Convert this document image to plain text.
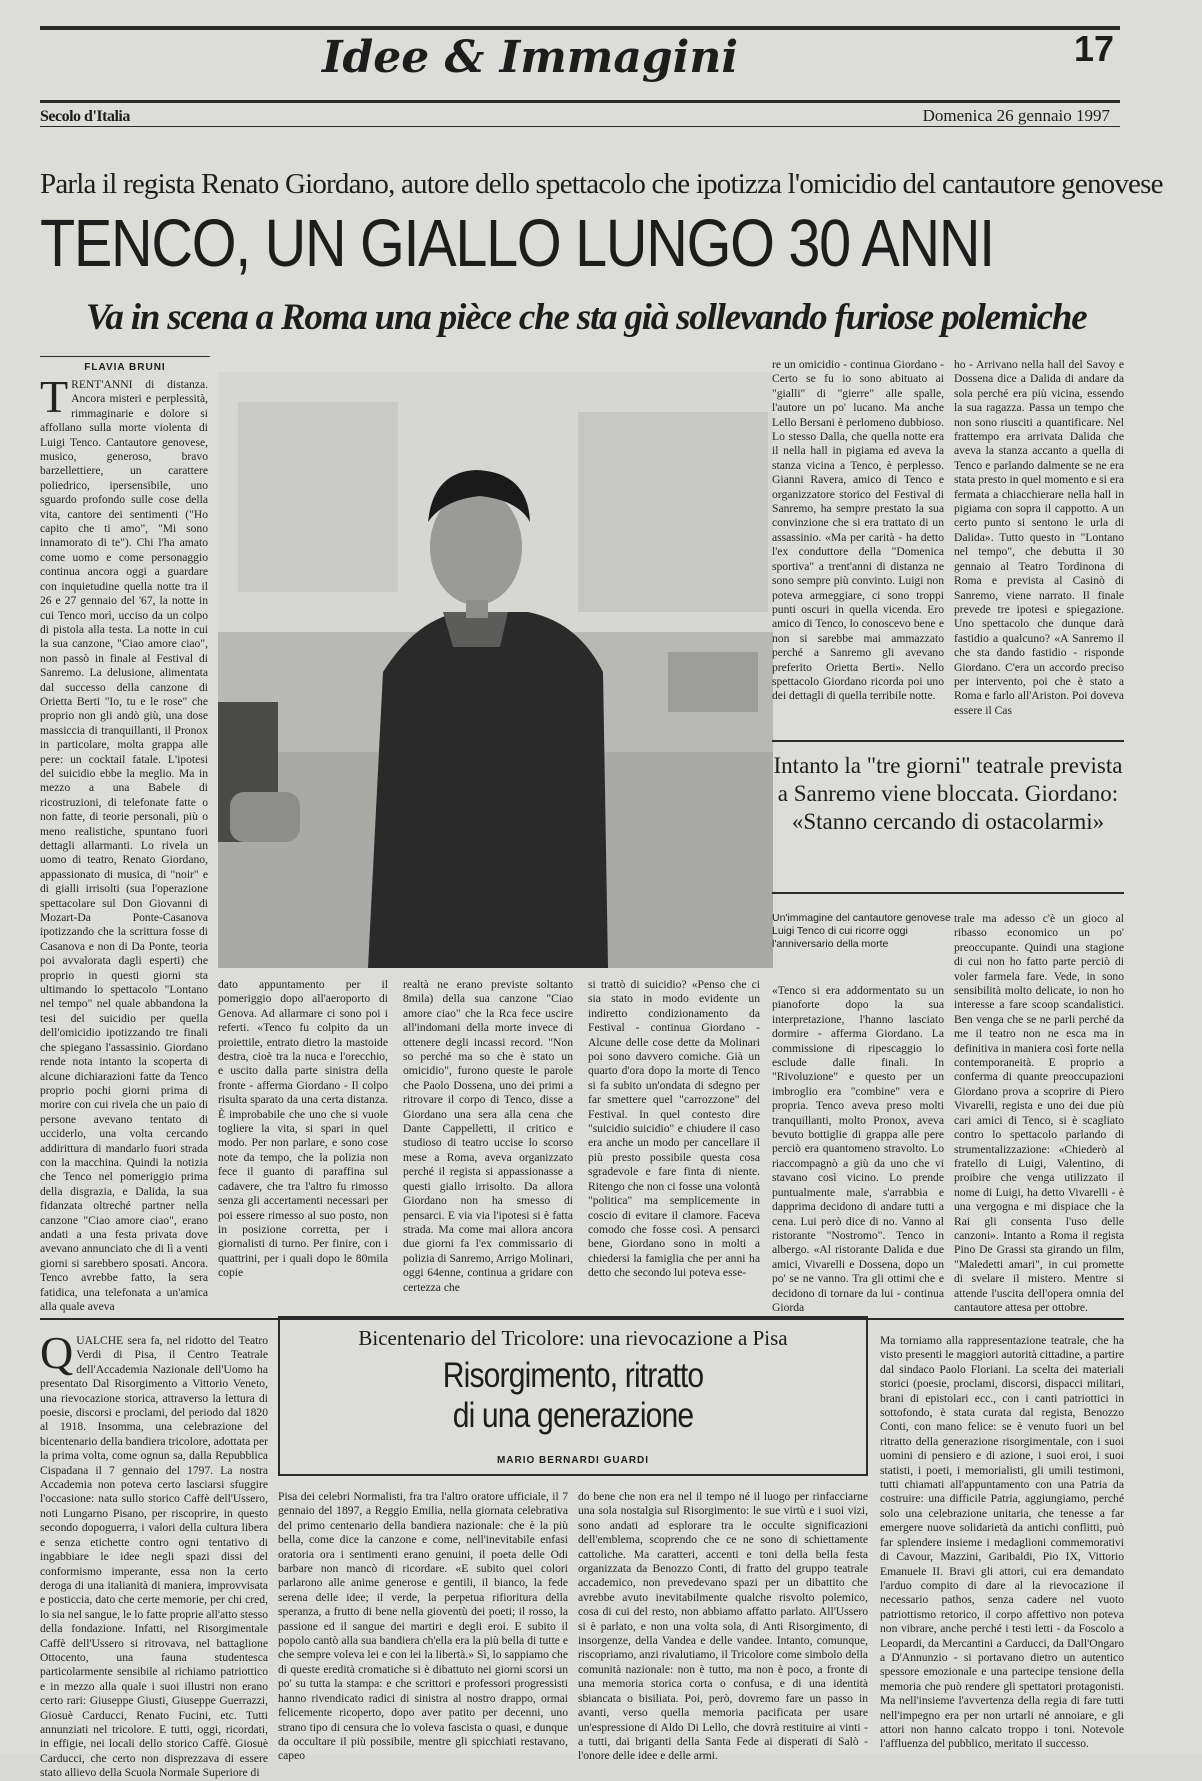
Idee & Immagini	17
Secolo d'Italia	Domenica 26 gennaio 1997
Parla il regista Renato Giordano, autore dello spettacolo che ipotizza l'omicidio del cantautore genovese
TENCO, UN GIALLO LUNGO 30 ANNI
Va in scena a Roma una pièce che sta già sollevando furiose polemiche
FLAVIA BRUNI
T RENT'ANNI di distanza. Ancora misteri e perplessità, rimmaginarie e dolore si affollano sulla morte violenta di Luigi Tenco. Cantautore genovese, musico, generoso, bravo barzellettiere, un carattere poliedrico, ipersensibile, uno sguardo profondo sulle cose della vita, cantore dei sentimenti ("Ho capito che ti amo", "Mi sono innamorato di te"). Chi l'ha amato come uomo e come personaggio continua ancora oggi a guardare con inquietudine quella notte tra il 26 e 27 gennaio del '67, la notte in cui Tenco morì, ucciso da un colpo di pistola alla testa. La notte in cui la sua canzone, "Ciao amore ciao", non passò in finale al Festival di Sanremo. La delusione, alimentata dal successo della canzone di Orietta Berti "Io, tu e le rose" che proprio non gli andò giù, una dose massiccia di tranquillanti, il Pronox in particolare, molta grappa alle pere: un cocktail fatale. L'ipotesi del suicidio ebbe la meglio. Ma in mezzo a una Babele di ricostruzioni, di telefonate fatte o non fatte, di teorie personali, più o meno realistiche, spuntano fuori dettagli allarmanti. Lo rivela un uomo di teatro, Renato Giordano, appassionato di musica, di "noir" e di gialli irrisolti (sua l'operazione spettacolare sul Don Giovanni di Mozart-Da Ponte-Casanova ipotizzando che la scrittura fosse di Casanova e non di Da Ponte, teoria poi avvalorata dagli esperti) che proprio in questi giorni sta ultimando lo spettacolo "Lontano nel tempo" nel quale abbandona la tesi del suicidio per quella dell'omicidio ipotizzando tre finali che spiegano l'assassinio. Giordano rende nota intanto la scoperta di alcune dichiarazioni fatte da Tenco proprio pochi giorni prima di morire con cui rivela che un paio di persone avevano tentato di ucciderlo, una volta cercando addirittura di mandarlo fuori strada con la macchina. Quindi la notizia che Tenco nel pomeriggio prima della disgrazia, e Dalida, la sua fidanzata oltreché partner nella canzone "Ciao amore ciao", erano andati a una festa privata dove avevano annunciato che di lì a venti giorni si sarebbero sposati. Ancora. Tenco avrebbe fatto, la sera fatidica, una telefonata a un'amica alla quale aveva
dato appuntamento per il pomeriggio dopo all'aeroporto di Genova. Ad allarmare ci sono poi i referti. «Tenco fu colpito da un proiettile, entrato dietro la mastoide destra, cioè tra la nuca e l'orecchio, e uscito dalla parte sinistra della fronte - afferma Giordano - Il colpo risulta sparato da una certa distanza. È improbabile che uno che si vuole togliere la vita, si spari in quel modo. Per non parlare, e sono cose note da tempo, che la polizia non fece il guanto di paraffina sul cadavere, che tra l'altro fu rimosso senza gli accertamenti necessari per poi essere rimesso al suo posto, non in posizione corretta, per i giornalisti di turno. Per finire, con i quattrini, per i quali dopo le 80mila copie
realtà ne erano previste soltanto 8mila) della sua canzone "Ciao amore ciao" che la Rca fece uscire all'indomani della morte invece di ottenere degli incassi record. "Non so perché ma so che è stato un omicidio", furono queste le parole che Paolo Dossena, uno dei primi a ritrovare il corpo di Tenco, disse a Giordano una sera alla cena che Dante Cappelletti, il critico e studioso di teatro uccise lo scorso mese a Roma, aveva organizzato perché il regista si appassionasse a questi giallo irrisolto. Da allora Giordano non ha smesso di pensarci. E via via l'ipotesi si è fatta strada. Ma come mai allora ancora due giorni fa l'ex commissario di polizia di Sanremo, Arrigo Molinari, oggi 64enne, continua a gridare con certezza che
si trattò di suicidio? «Penso che ci sia stato in modo evidente un indiretto condizionamento da Festival - continua Giordano - Alcune delle cose dette da Molinari poi sono davvero comiche. Già un quarto d'ora dopo la morte di Tenco si fa subito un'ondata di sdegno per far smettere quel "carrozzone" del Festival. In quel contesto dire "suicidio suicidio" e chiudere il caso era anche un modo per cancellare il più presto possibile questa cosa sgradevole e fare finta di niente. Ritengo che non ci fosse una volontà "politica" ma semplicemente in coscio di evitare il clamore. Faceva comodo che fosse così. A pensarci bene, Giordano sono in molti a chiedersi la famiglia che per anni ha detto che secondo lui poteva esse-
re un omicidio - continua Giordano - Certo se fu io sono abituato ai "gialli" di "gierre" alle spalle, l'autore un po' lucano. Ma anche Lello Bersani è perlomeno dubbioso. Lo stesso Dalla, che quella notte era il nella hall in pigiama ed aveva la stanza vicina a Tenco, è perplesso. Gianni Ravera, amico di Tenco e organizzatore storico del Festival di Sanremo, ha sempre prestato la sua convinzione che si era trattato di un assassinio. «Ma per carità - ha detto l'ex conduttore della "Domenica sportiva" a trent'anni di distanza ne sono sempre più convinto. Luigi non poteva armeggiare, ci sono troppi punti oscuri in quella vicenda. Ero amico di Tenco, lo conoscevo bene e non si sarebbe mai ammazzato perché a Sanremo gli avevano preferito Orietta Berti». Nello spettacolo Giordano ricorda poi uno dei dettagli di quella terribile notte.
ho - Arrivano nella hall del Savoy e Dossena dice a Dalida di andare da sola perché era più vicina, essendo la sua ragazza. Passa un tempo che non sono riusciti a quantificare. Nel frattempo era arrivata Dalida che aveva la stanza accanto a quella di Tenco e parlando dalmente se ne era stata presto in quel momento e si era fermata a chiacchierare nella hall in pigiama con sopra il cappotto. A un certo punto si sentono le urla di Dalida». Tutto questo in "Lontano nel tempo", che debutta il 30 gennaio al Teatro Tordinona di Roma e prevista al Casinò di Sanremo, viene narrato. Il finale prevede tre ipotesi e spiegazione. Uno spettacolo che dunque darà fastidio a qualcuno? «A Sanremo il che sta dando fastidio - risponde Giordano. C'era un accordo preciso per intervento, poi che è stato a Roma e farlo all'Ariston. Poi doveva essere il Cas
Intanto la "tre giorni" teatrale prevista a Sanremo viene bloccata. Giordano: «Stanno cercando di ostacolarmi»
Un'immagine del cantautore genovese Luigi Tenco di cui ricorre oggi l'anniversario della morte
«Tenco si era addormentato su un pianoforte dopo la sua interpretazione, l'hanno lasciato dormire - afferma Giordano. La commissione di ripescaggio lo esclude dalle finali. In "Rivoluzione" e questo per un imbroglio era "combine" vera e propria. Tenco aveva preso molti tranquillanti, molto Pronox, aveva bevuto bottiglie di grappa alle pere perciò era quantomeno stravolto. Lo riaccompagnò a giù da uno che vi stavano così vicino. Lo prende puntualmente male, s'arrabbia e dapprima decidono di andare tutti a cena. Lui però dice di no. Vanno al ristorante "Nostromo". Tenco in albergo. «Al ristorante Dalida e due amici, Vivarelli e Dossena, dopo un po' se ne vanno. Tra gli ottimi che e decidono di tornare da lui - continua Giorda
trale ma adesso c'è un gioco al ribasso economico un po' preoccupante. Quindi una stagione di cui non ho fatto parte perciò di voler farmela fare. Vede, in sono sensibilità molto delicate, io non ho interesse a fare scoop scandalistici. Ben venga che se ne parli perché da me il teatro non ne esca ma in definitiva in maniera così forte nella contemporaneità. E proprio a conferma di quante preoccupazioni Giordano prova a scoprire di Piero Vivarelli, regista e uno dei due più cari amici di Tenco, si è scagliato contro lo spettacolo parlando di strumentalizzazione: «Chiederò al fratello di Luigi, Valentino, di proibire che venga utilizzato il nome di Luigi, ha detto Vivarelli - è una vergogna e mi dispiace che la Rai gli consenta l'uso delle canzoni». Intanto a Roma il regista Pino De Grassi sta girando un film, "Maledetti amari", in cui promette di svelare il mistero. Mentre si attende l'uscita dell'opera omnia del cantautore attesa per ottobre.
Bicentenario del Tricolore: una rievocazione a Pisa
Risorgimento, ritratto
di una generazione
MARIO BERNARDI GUARDI
Q UALCHE sera fa, nel ridotto del Teatro Verdi di Pisa, il Centro Teatrale dell'Accademia Nazionale dell'Uomo ha presentato Dal Risorgimento a Vittorio Veneto, una rievocazione storica, attraverso la lettura di poesie, discorsi e proclami, del periodo dal 1820 al 1918. Insomma, una celebrazione del bicentenario della bandiera tricolore, adottata per la prima volta, come ognun sa, dalla Repubblica Cispadana il 7 gennaio del 1797. La nostra Accademia non poteva certo lasciarsi sfuggire l'occasione: nata sullo storico Caffè dell'Ussero, noti Lungarno Pisano, per riscoprire, in questo secondo dopoguerra, i valori della cultura libera e senza etichette contro ogni tentativo di ingabbiare le idee negli spazi dissi del conformismo imperante, essa non la certo deroga di una italianità di maniera, improvvisata e posticcia, dato che certe memorie, per chi cred, lo sia nel sangue, le lo fatte proprie all'atto stesso della fondazione. Infatti, nel Risorgimentale Caffè dell'Ussero si ritrovava, nel battaglione Ottocento, una fauna studentesca particolarmente sensibile al richiamo patriottico e in mezzo alla quale i suoi illustri non erano certo rari: Giuseppe Giusti, Giuseppe Guerrazzi, Giosuè Carducci, Renato Fucini, etc. Tutti annunziati nel tricolore. E tutti, oggi, ricordati, in effigie, nei locali dello storico Caffè. Giosuè Carducci, che certo non disprezzava di essere stato allievo della Scuola Normale Superiore di
Pisa dei celebri Normalisti, fra tra l'altro oratore ufficiale, il 7 gennaio del 1897, a Reggio Emilia, nella giornata celebrativa del primo centenario della bandiera nazionale: che è la più bella, come dice la canzone e come, nell'inevitabile enfasi oratoria ora i sentimenti erano genuini, il poeta delle Odi barbare non mancò di ricordare. «E subito quei colori parlarono alle anime generose e gentili, il bianco, la fede serena delle idee; il verde, la perpetua rifioritura della speranza, a frutto di bene nella gioventù dei poeti; il rosso, la passione ed il sangue dei martiri e degli eroi. E subito il popolo cantò alla sua bandiera ch'ella era la più bella di tutte e che sempre voleva lei e con lei la libertà.» Sì, lo sappiamo che di queste eredità cromatiche si è dibattuto nei giorni scorsi un po' su tutta la stampa: e che scrittori e professori progressisti hanno rivendicato radici di sinistra al nostro drappo, ormai felicemente ricoperto, dopo aver patito per decenni, uno strano tipo di censura che lo voleva fascista o quasi, e dunque da occultare il più possibile, mentre gli spicchiati restavano, capeo
do bene che non era nel il tempo né il luogo per rinfacciarne una sola nostalgia sul Risorgimento: le sue virtù e i suoi vizi, sono andati ad esplorare tra le occulte significazioni dell'emblema, scoprendo che ce ne sono di schiettamente cattoliche. Ma caratteri, accenti e toni della bella festa organizzata da Benozzo Conti, di fratto del gruppo teatrale accademico, non prevedevano spazi per un dibattito che avrebbe avuto inevitabilmente qualche risvolto polemico, cosa di cui del resto, non abbiamo affatto parlato. All'Ussero si è parlato, e non una volta sola, di Anti Risorgimento, di insorgenze, della Vandea e delle vandee. Intanto, comunque, riscopriamo, anzi rivalutiamo, il Tricolore come simbolo della comunità nazionale: non è tutto, ma non è poco, a fronte di una memoria storica corta o confusa, e di una identità sbiancata o bisiliata. Poi, però, dovremo fare un passo in avanti, verso quella memoria pacificata per usare un'espressione di Aldo Di Lello, che dovrà restituire ai vinti - a tutti, dai briganti della Santa Fede ai disperati di Salò - l'onore delle idee e delle armi.
Ma torniamo alla rappresentazione teatrale, che ha visto presenti le maggiori autorità cittadine, a partire dal sindaco Paolo Floriani. La scelta dei materiali storici (poesie, proclami, discorsi, dispacci militari, brani di epistolari ecc., con i canti patriottici in sottofondo, è stata curata dal regista, Benozzo Conti, con mano felice: se è venuto fuori un bel ritratto della generazione risorgimentale, con i suoi uomini di pensiero e di azione, i suoi eroi, i suoi statisti, i poeti, i memorialisti, gli umili testimoni, tutti chiamati all'appuntamento con una Patria da costruire: una difficile Patria, aggiungiamo, perché solo una celebrazione unitaria, che tenesse a far emergere nuove solidarietà da antichi conflitti, può far splendere insieme i medaglioni commemorativi di Cavour, Mazzini, Garibaldi, Pio IX, Vittorio Emanuele II. Bravi gli attori, cui era demandato l'arduo compito di dare al la rievocazione il necessario pathos, senza cadere nel vuoto patriottismo retorico, il corpo affettivo non poteva non vibrare, anche perché i testi letti - da Foscolo a Leopardi, da Mercantini a Carducci, da Dall'Ongaro a D'Annunzio - si portavano dietro un autentico spessore emozionale e una partecipe tensione della memoria che può rendere gli spettatori protagonisti. Ma nell'insieme l'avvertenza della regia di fare tutti nell'impegno era per non urtarli né annoiare, e gli attori non hanno calcato troppo i toni. Notevole l'affluenza del pubblico, meritato il successo.
